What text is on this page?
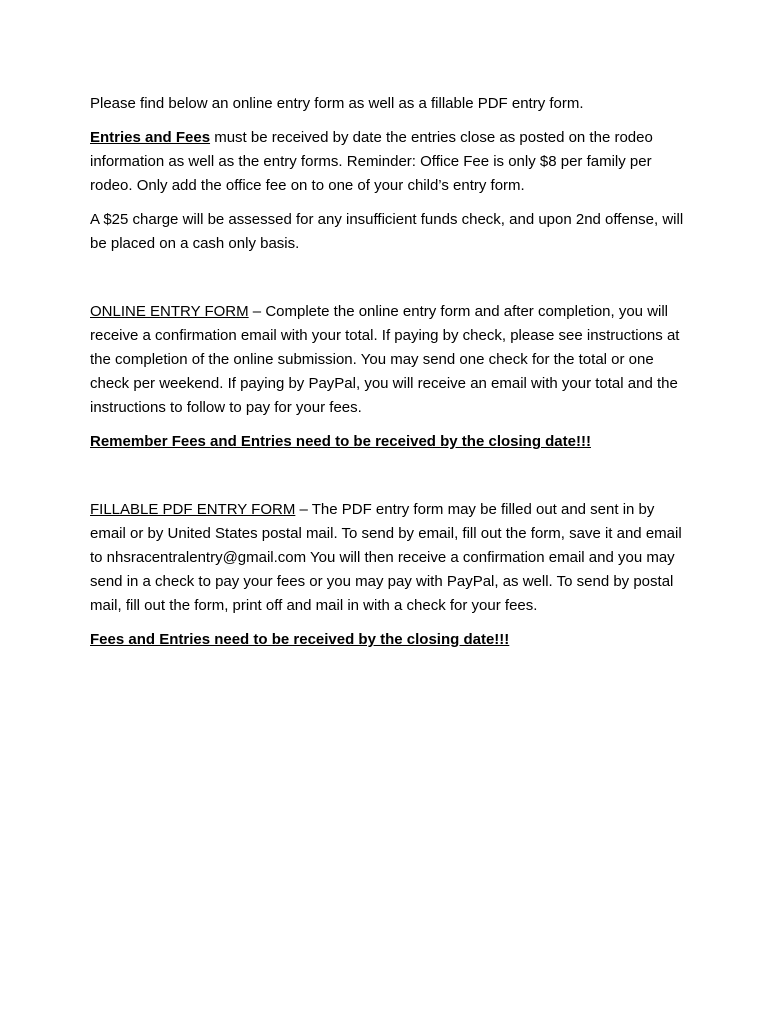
Please find below an online entry form as well as a fillable PDF entry form.

Entries and Fees must be received by date the entries close as posted on the rodeo information as well as the entry forms. Reminder: Office Fee is only $8 per family per rodeo. Only add the office fee on to one of your child’s entry form.

A $25 charge will be assessed for any insufficient funds check, and upon 2nd offense, will be placed on a cash only basis.

ONLINE ENTRY FORM – Complete the online entry form and after completion, you will receive a confirmation email with your total. If paying by check, please see instructions at the completion of the online submission. You may send one check for the total or one check per weekend. If paying by PayPal, you will receive an email with your total and the instructions to follow to pay for your fees.

Remember Fees and Entries need to be received by the closing date!!!

FILLABLE PDF ENTRY FORM – The PDF entry form may be filled out and sent in by email or by United States postal mail. To send by email, fill out the form, save it and email to nhsracentralentry@gmail.com You will then receive a confirmation email and you may send in a check to pay your fees or you may pay with PayPal, as well. To send by postal mail, fill out the form, print off and mail in with a check for your fees.

Fees and Entries need to be received by the closing date!!!
